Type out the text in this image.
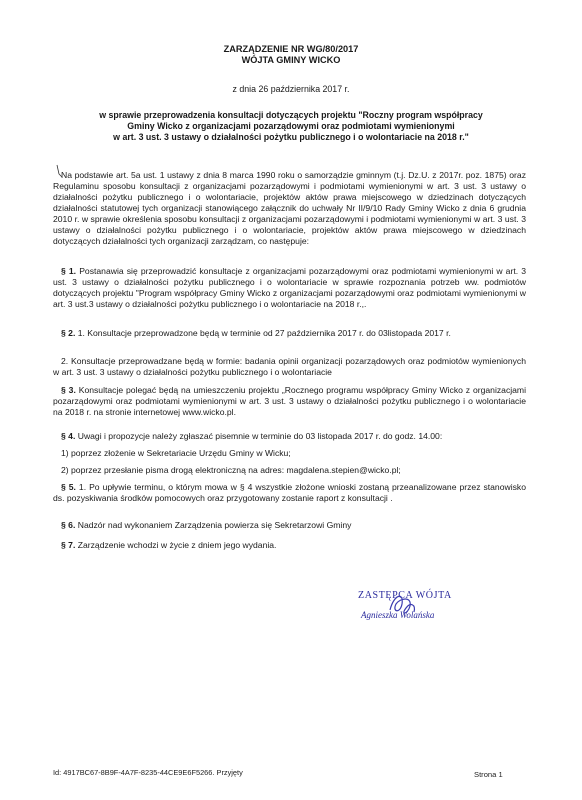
ZARZĄDZENIE NR WG/80/2017
WÓJTA GMINY WICKO
z dnia 26 października 2017 r.
w sprawie przeprowadzenia konsultacji dotyczących projektu "Roczny program współpracy
Gminy Wicko z organizacjami pozarządowymi oraz podmiotami wymienionymi
w art. 3 ust. 3 ustawy o działalności pożytku publicznego i o wolontariacie na 2018 r."

Na podstawie art. 5a ust. 1 ustawy z dnia 8 marca 1990 roku o samorządzie gminnym (t.j. Dz.U. z 2017r. poz. 1875) oraz Regulaminu sposobu konsultacji z organizacjami pozarządowymi i podmiotami wymienionymi w art. 3 ust. 3 ustawy o działalności pożytku publicznego i o wolontariacie, projektów aktów prawa miejscowego w dziedzinach dotyczących działalności statutowej tych organizacji stanowiącego załącznik do uchwały Nr II/9/10 Rady Gminy Wicko z dnia 6 grudnia 2010 r. w sprawie określenia sposobu konsultacji z organizacjami pozarządowymi i podmiotami wymienionymi w art. 3 ust. 3 ustawy o działalności pożytku publicznego i o wolontariacie, projektów aktów prawa miejscowego w dziedzinach dotyczących działalności tych organizacji zarządzam, co następuje:

§ 1. Postanawia się przeprowadzić konsultacje z organizacjami pozarządowymi oraz podmiotami wymienionymi w art. 3 ust. 3 ustawy o działalności pożytku publicznego i o wolontariacie w sprawie rozpoznania potrzeb ww. podmiotów dotyczących projektu "Program współpracy Gminy Wicko z organizacjami pozarządowymi oraz podmiotami wymienionymi w art. 3 ust.3 ustawy o działalności pożytku publicznego i o wolontariacie na 2018 r.,.

§ 2. 1. Konsultacje przeprowadzone będą w terminie od 27 października 2017 r. do 03listopada 2017 r.

2. Konsultacje przeprowadzane będą w formie: badania opinii organizacji pozarządowych oraz podmiotów wymienionych w art. 3 ust. 3 ustawy o działalności pożytku publicznego i o wolontariacie

§ 3. Konsultacje polegać będą na umieszczeniu projektu „Rocznego programu współpracy Gminy Wicko z organizacjami pozarządowymi oraz podmiotami wymienionymi w art. 3 ust. 3 ustawy o działalności pożytku publicznego i o wolontariacie na 2018 r. na stronie internetowej www.wicko.pl.

§ 4. Uwagi i propozycje należy zgłaszać pisemnie w terminie do 03 listopada 2017 r. do godz. 14.00:

1) poprzez złożenie w Sekretariacie Urzędu Gminy w Wicku;

2) poprzez przesłanie pisma drogą elektroniczną na adres: magdalena.stepien@wicko.pl;

§ 5. 1. Po upływie terminu, o którym mowa w § 4 wszystkie złożone wnioski zostaną przeanalizowane przez stanowisko ds. pozyskiwania środków pomocowych oraz przygotowany zostanie raport z konsultacji .

§ 6. Nadzór nad wykonaniem Zarządzenia powierza się Sekretarzowi Gminy

§ 7. Zarządzenie wchodzi w życie z dniem jego wydania.

ZASTĘPCA WÓJTA
Agnieszka Wolańska
Id: 4917BC67-8B9F-4A7F-8235-44CE9E6F5266. Przyjęty	Strona 1
